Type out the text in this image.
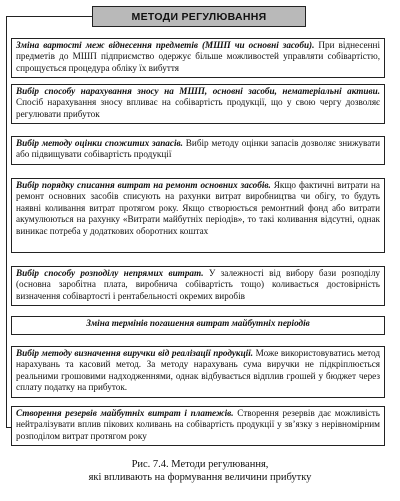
МЕТОДИ РЕГУЛЮВАННЯ
Зміна вартості меж віднесення предметів (МШП чи основні засоби). При віднесенні предметів до МШП підприємство одержує більше можливостей управляти собівартістю, спрощується процедура обліку їх вибуття
Вибір способу нарахування зносу на МШП, основні засоби, нематеріальні активи. Спосіб нарахування зносу впливає на собівартість продукції, що у свою чергу дозволяє регулювати прибуток
Вибір методу оцінки спожитих запасів. Вибір методу оцінки запасів дозволяє знижувати або підвищувати собівартість продукції
Вибір порядку списання витрат на ремонт основних засобів. Якщо фактичні витрати на ремонт основних засобів списують на рахунки витрат виробництва чи обігу, то будуть наявні коливання витрат протягом року. Якщо створюється ремонтний фонд або витрати акумулюються на рахунку «Витрати майбутніх періодів», то такі коливання відсутні, однак виникає потреба у додаткових оборотних коштах
Вибір способу розподілу непрямих витрат. У залежності від вибору бази розподілу (основна заробітна плата, виробнича собівартість тощо) коливається достовірність визначення собівартості і рентабельності окремих виробів
Зміна термінів погашення витрат майбутніх періодів
Вибір методу визначення виручки від реалізації продукції. Може використовуватись метод нарахувань та касовий метод. За методу нарахувань сума виручки не підкріплюється реальними грошовими надходженнями, однак відбувається відплив грошей у бюджет через сплату податку на прибуток.
Створення резервів майбутніх витрат і платежів. Створення резервів дає можливість нейтралізувати вплив пікових коливань на собівартість продукції у зв’язку з нерівномірним розподілом витрат протягом року
Рис. 7.4. Методи регулювання,
які впливають на формування величини прибутку
